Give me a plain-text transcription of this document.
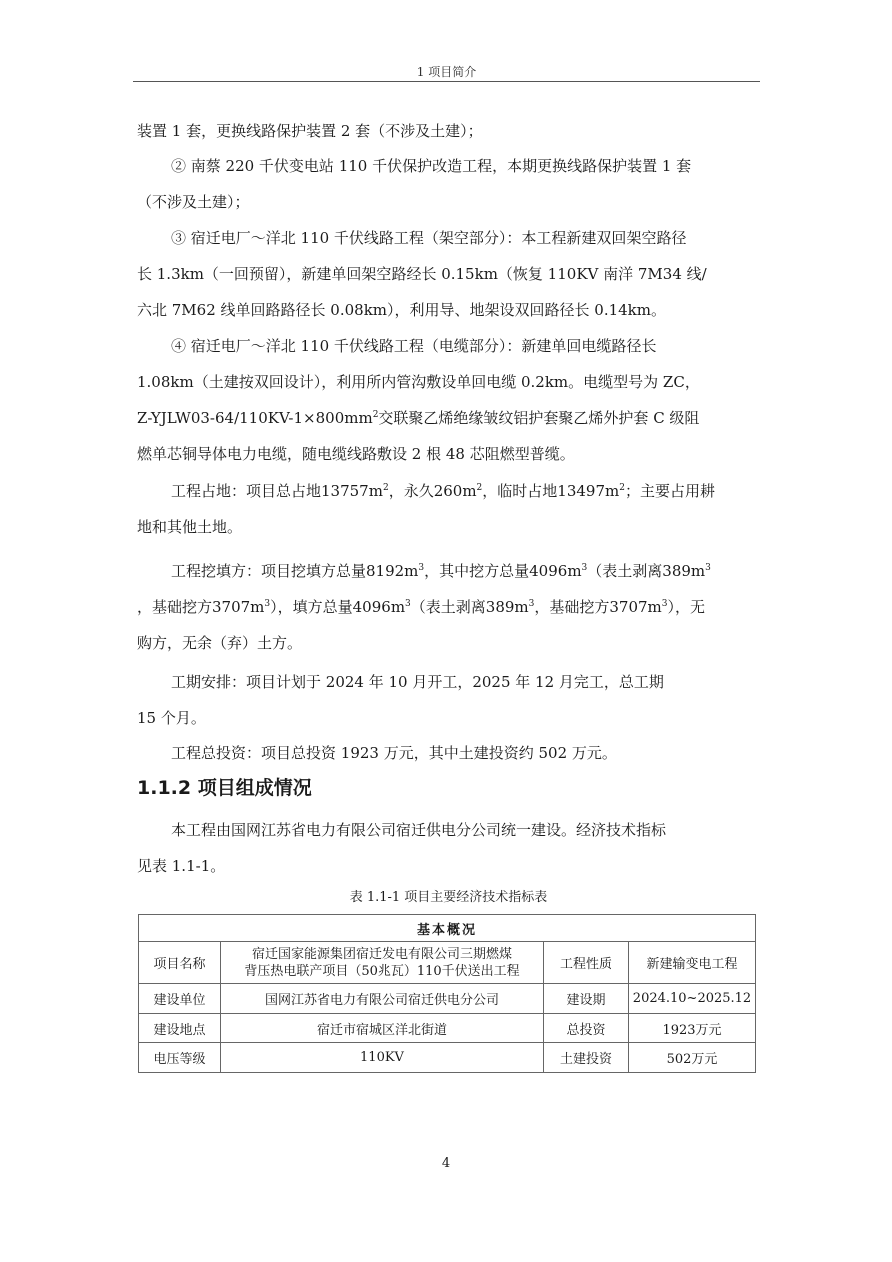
1 项目简介
装置 1 套，更换线路保护装置 2 套（不涉及土建）；
② 南蔡 220 千伏变电站 110 千伏保护改造工程，本期更换线路保护装置 1 套
（不涉及土建）；
③ 宿迁电厂～洋北 110 千伏线路工程（架空部分）：本工程新建双回架空路径
长 1.3km（一回预留），新建单回架空路经长 0.15km（恢复 110KV 南洋 7M34 线/
六北 7M62 线单回路路径长 0.08km），利用导、地架设双回路径长 0.14km。
④ 宿迁电厂～洋北 110 千伏线路工程（电缆部分）：新建单回电缆路径长
1.08km（土建按双回设计），利用所内管沟敷设单回电缆 0.2km。电缆型号为 ZC，
$Z-YJLW03-64/110KV-1\times 800mm^2$交联聚乙烯绝缘皱纹铝护套聚乙烯外护套 C 级阻
燃单芯铜导体电力电缆，随电缆线路敷设 2 根 48 芯阻燃型普缆。
工程占地：项目总占地$13757m^2$，永久$260m^2$，临时占地$13497m^2$；主要占用耕
地和其他土地。
工程挖填方：项目挖填方总量$8192m^3$，其中挖方总量$4096m^3$（表土剥离$389m^3$
，基础挖方$3707m^3$），填方总量$4096m^3$（表土剥离$389m^3$，基础挖方$3707m^3$），无
购方，无余（弃）土方。
工期安排：项目计划于 2024 年 10 月开工，2025 年 12 月完工，总工期
15 个月。
工程总投资：项目总投资 1923 万元，其中土建投资约 502 万元。
1.1.2 项目组成情况
本工程由国网江苏省电力有限公司宿迁供电分公司统一建设。经济技术指标
见表 1.1-1。
表 1.1-1 项目主要经济技术指标表
基本概况			
项目名称	宿迁国家能源集团宿迁发电有限公司三期燃煤
背压热电联产项目（50兆瓦）110千伏送出工程	工程性质	新建输变电工程
建设单位	国网江苏省电力有限公司宿迁供电分公司	建设期	2024.10~2025.12
建设地点	宿迁市宿城区洋北街道	总投资	1923万元
电压等级	110KV	土建投资	502万元
4
